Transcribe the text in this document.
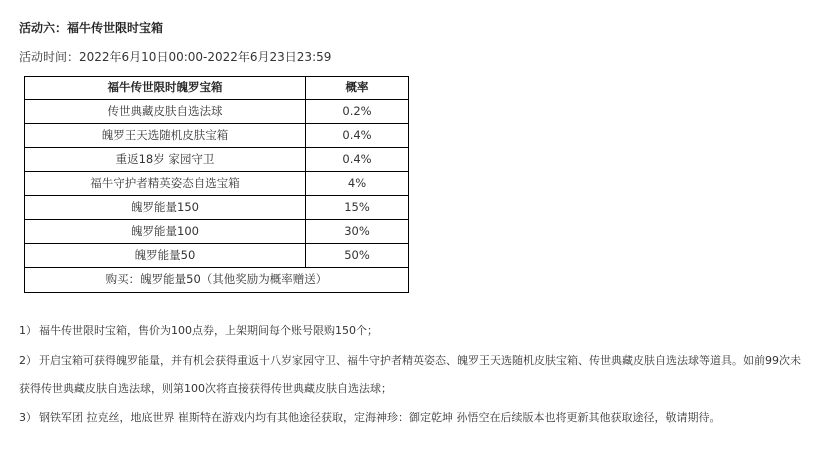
活动六：福牛传世限时宝箱
活动时间：2022年6月10日00:00-2022年6月23日23:59
福牛传世限时魄罗宝箱	概率
传世典藏皮肤自选法球	0.2%
魄罗王天选随机皮肤宝箱	0.4%
重返18岁 家园守卫	0.4%
福牛守护者精英姿态自选宝箱	4%
魄罗能量150	15%
魄罗能量100	30%
魄罗能量50	50%
购买：魄罗能量50（其他奖励为概率赠送）	
1） 福牛传世限时宝箱，售价为100点券，上架期间每个账号限购150个；
2） 开启宝箱可获得魄罗能量，并有机会获得重返十八岁家园守卫、福牛守护者精英姿态、魄罗王天选随机皮肤宝箱、传世典藏皮肤自选法球等道具。如前99次未
获得传世典藏皮肤自选法球，则第100次将直接获得传世典藏皮肤自选法球；
3） 钢铁军团 拉克丝，地底世界 崔斯特在游戏内均有其他途径获取，定海神珍：御定乾坤 孙悟空在后续版本也将更新其他获取途径，敬请期待。
